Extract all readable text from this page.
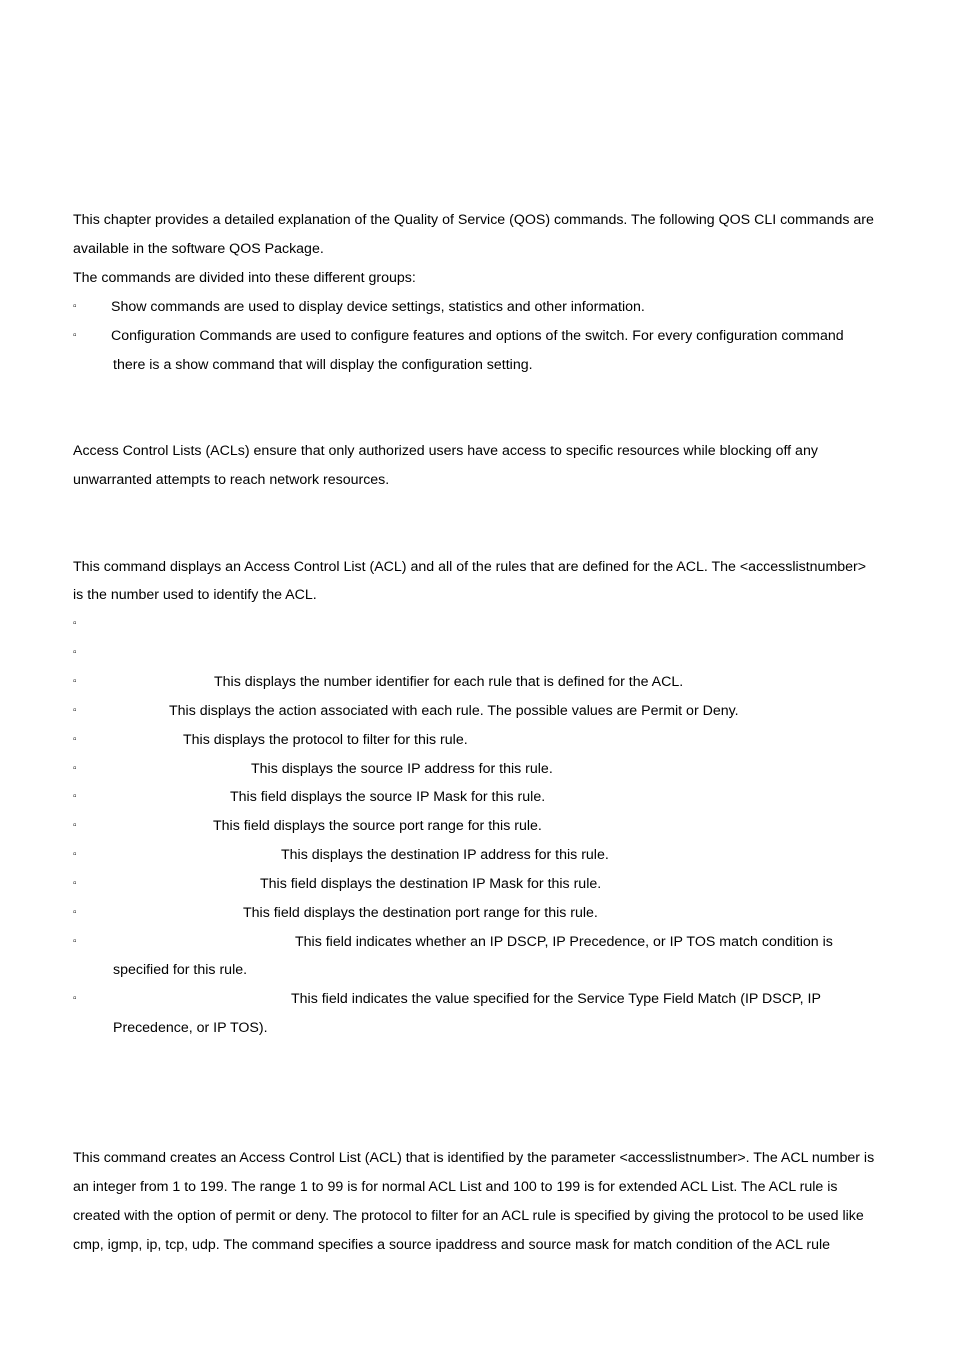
This chapter provides a detailed explanation of the Quality of Service (QOS) commands. The following QOS CLI commands are
available in the software QOS Package.
The commands are divided into these different groups:
▫ Show commands are used to display device settings, statistics and other information.
▫ Configuration Commands are used to configure features and options of the switch. For every configuration command
there is a show command that will display the configuration setting.
Access Control Lists (ACLs) ensure that only authorized users have access to specific resources while blocking off any
unwarranted attempts to reach network resources.
This command displays an Access Control List (ACL) and all of the rules that are defined for the ACL. The <accesslistnumber>
is the number used to identify the ACL.
▫
▫
▫	This displays the number identifier for each rule that is defined for the ACL.
▫	This displays the action associated with each rule. The possible values are Permit or Deny.
▫	This displays the protocol to filter for this rule.
▫	This displays the source IP address for this rule.
▫	This field displays the source IP Mask for this rule.
▫	This field displays the source port range for this rule.
▫	This displays the destination IP address for this rule.
▫	This field displays the destination IP Mask for this rule.
▫	This field displays the destination port range for this rule.
▫	This field indicates whether an IP DSCP, IP Precedence, or IP TOS match condition is
specified for this rule.
▫	This field indicates the value specified for the Service Type Field Match (IP DSCP, IP
Precedence, or IP TOS).
This command creates an Access Control List (ACL) that is identified by the parameter <accesslistnumber>. The ACL number is
an integer from 1 to 199. The range 1 to 99 is for normal ACL List and 100 to 199 is for extended ACL List. The ACL rule is
created with the option of permit or deny. The protocol to filter for an ACL rule is specified by giving the protocol to be used like
cmp, igmp, ip, tcp, udp. The command specifies a source ipaddress and source mask for match condition of the ACL rule
